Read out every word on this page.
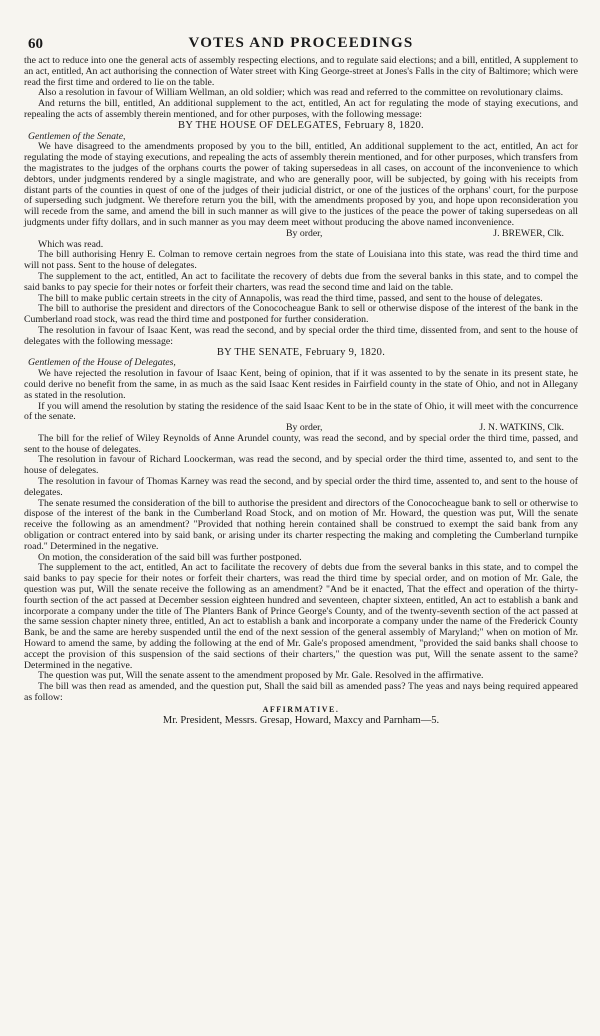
60	VOTES AND PROCEEDINGS

the act to reduce into one the general acts of assembly respecting elections, and to regulate said elections; and a bill, entitled, A supplement to an act, entitled, An act authorising the connection of Water street with King George-street at Jones's Falls in the city of Baltimore; which were read the first time and ordered to lie on the table.

Also a resolution in favour of William Wellman, an old soldier; which was read and referred to the committee on revolutionary claims.

And returns the bill, entitled, An additional supplement to the act, entitled, An act for regulating the mode of staying executions, and repealing the acts of assembly therein mentioned, and for other purposes, with the following message:

BY THE HOUSE OF DELEGATES, February 8, 1820.

Gentlemen of the Senate,

We have disagreed to the amendments proposed by you to the bill, entitled, An additional supplement to the act, entitled, An act for regulating the mode of staying executions, and repealing the acts of assembly therein mentioned, and for other purposes, which transfers from the magistrates to the judges of the orphans courts the power of taking supersedeas in all cases, on account of the inconvenience to which debtors, under judgments rendered by a single magistrate, and who are generally poor, will be subjected, by going with his receipts from distant parts of the counties in quest of one of the judges of their judicial district, or one of the justices of the orphans' court, for the purpose of superseding such judgment. We therefore return you the bill, with the amendments proposed by you, and hope upon reconsideration you will recede from the same, and amend the bill in such manner as will give to the justices of the peace the power of taking supersedeas on all judgments under fifty dollars, and in such manner as you may deem meet without producing the above named inconvenience.

By order,	J. BREWER, Clk.

Which was read.

The bill authorising Henry E. Colman to remove certain negroes from the state of Louisiana into this state, was read the third time and will not pass. Sent to the house of delegates.

The supplement to the act, entitled, An act to facilitate the recovery of debts due from the several banks in this state, and to compel the said banks to pay specie for their notes or forfeit their charters, was read the second time and laid on the table.

The bill to make public certain streets in the city of Annapolis, was read the third time, passed, and sent to the house of delegates.

The bill to authorise the president and directors of the Conococheague Bank to sell or otherwise dispose of the interest of the bank in the Cumberland road stock, was read the third time and postponed for further consideration.

The resolution in favour of Isaac Kent, was read the second, and by special order the third time, dissented from, and sent to the house of delegates with the following message:

BY THE SENATE, February 9, 1820.

Gentlemen of the House of Delegates,

We have rejected the resolution in favour of Isaac Kent, being of opinion, that if it was assented to by the senate in its present state, he could derive no benefit from the same, in as much as the said Isaac Kent resides in Fairfield county in the state of Ohio, and not in Allegany as stated in the resolution.

If you will amend the resolution by stating the residence of the said Isaac Kent to be in the state of Ohio, it will meet with the concurrence of the senate.

By order,	J. N. WATKINS, Clk.

The bill for the relief of Wiley Reynolds of Anne Arundel county, was read the second, and by special order the third time, passed, and sent to the house of delegates.

The resolution in favour of Richard Loockerman, was read the second, and by special order the third time, assented to, and sent to the house of delegates.

The resolution in favour of Thomas Karney was read the second, and by special order the third time, assented to, and sent to the house of delegates.

The senate resumed the consideration of the bill to authorise the president and directors of the Conococheague bank to sell or otherwise to dispose of the interest of the bank in the Cumberland Road Stock, and on motion of Mr. Howard, the question was put, Will the senate receive the following as an amendment? "Provided that nothing herein contained shall be construed to exempt the said bank from any obligation or contract entered into by said bank, or arising under its charter respecting the making and completing the Cumberland turnpike road." Determined in the negative.

On motion, the consideration of the said bill was further postponed.

The supplement to the act, entitled, An act to facilitate the recovery of debts due from the several banks in this state, and to compel the said banks to pay specie for their notes or forfeit their charters, was read the third time by special order, and on motion of Mr. Gale, the question was put, Will the senate receive the following as an amendment? "And be it enacted, That the effect and operation of the thirty-fourth section of the act passed at December session eighteen hundred and seventeen, chapter sixteen, entitled, An act to establish a bank and incorporate a company under the title of The Planters Bank of Prince George's County, and of the twenty-seventh section of the act passed at the same session chapter ninety three, entitled, An act to establish a bank and incorporate a company under the name of the Frederick County Bank, be and the same are hereby suspended until the end of the next session of the general assembly of Maryland;" when on motion of Mr. Howard to amend the same, by adding the following at the end of Mr. Gale's proposed amendment, "provided the said banks shall choose to accept the provision of this suspension of the said sections of their charters," the question was put, Will the senate assent to the same? Determined in the negative.

The question was put, Will the senate assent to the amendment proposed by Mr. Gale. Resolved in the affirmative.

The bill was then read as amended, and the question put, Shall the said bill as amended pass? The yeas and nays being required appeared as follow:

AFFIRMATIVE.

Mr. President, Messrs. Gresap, Howard, Maxcy and Parnham—5.
